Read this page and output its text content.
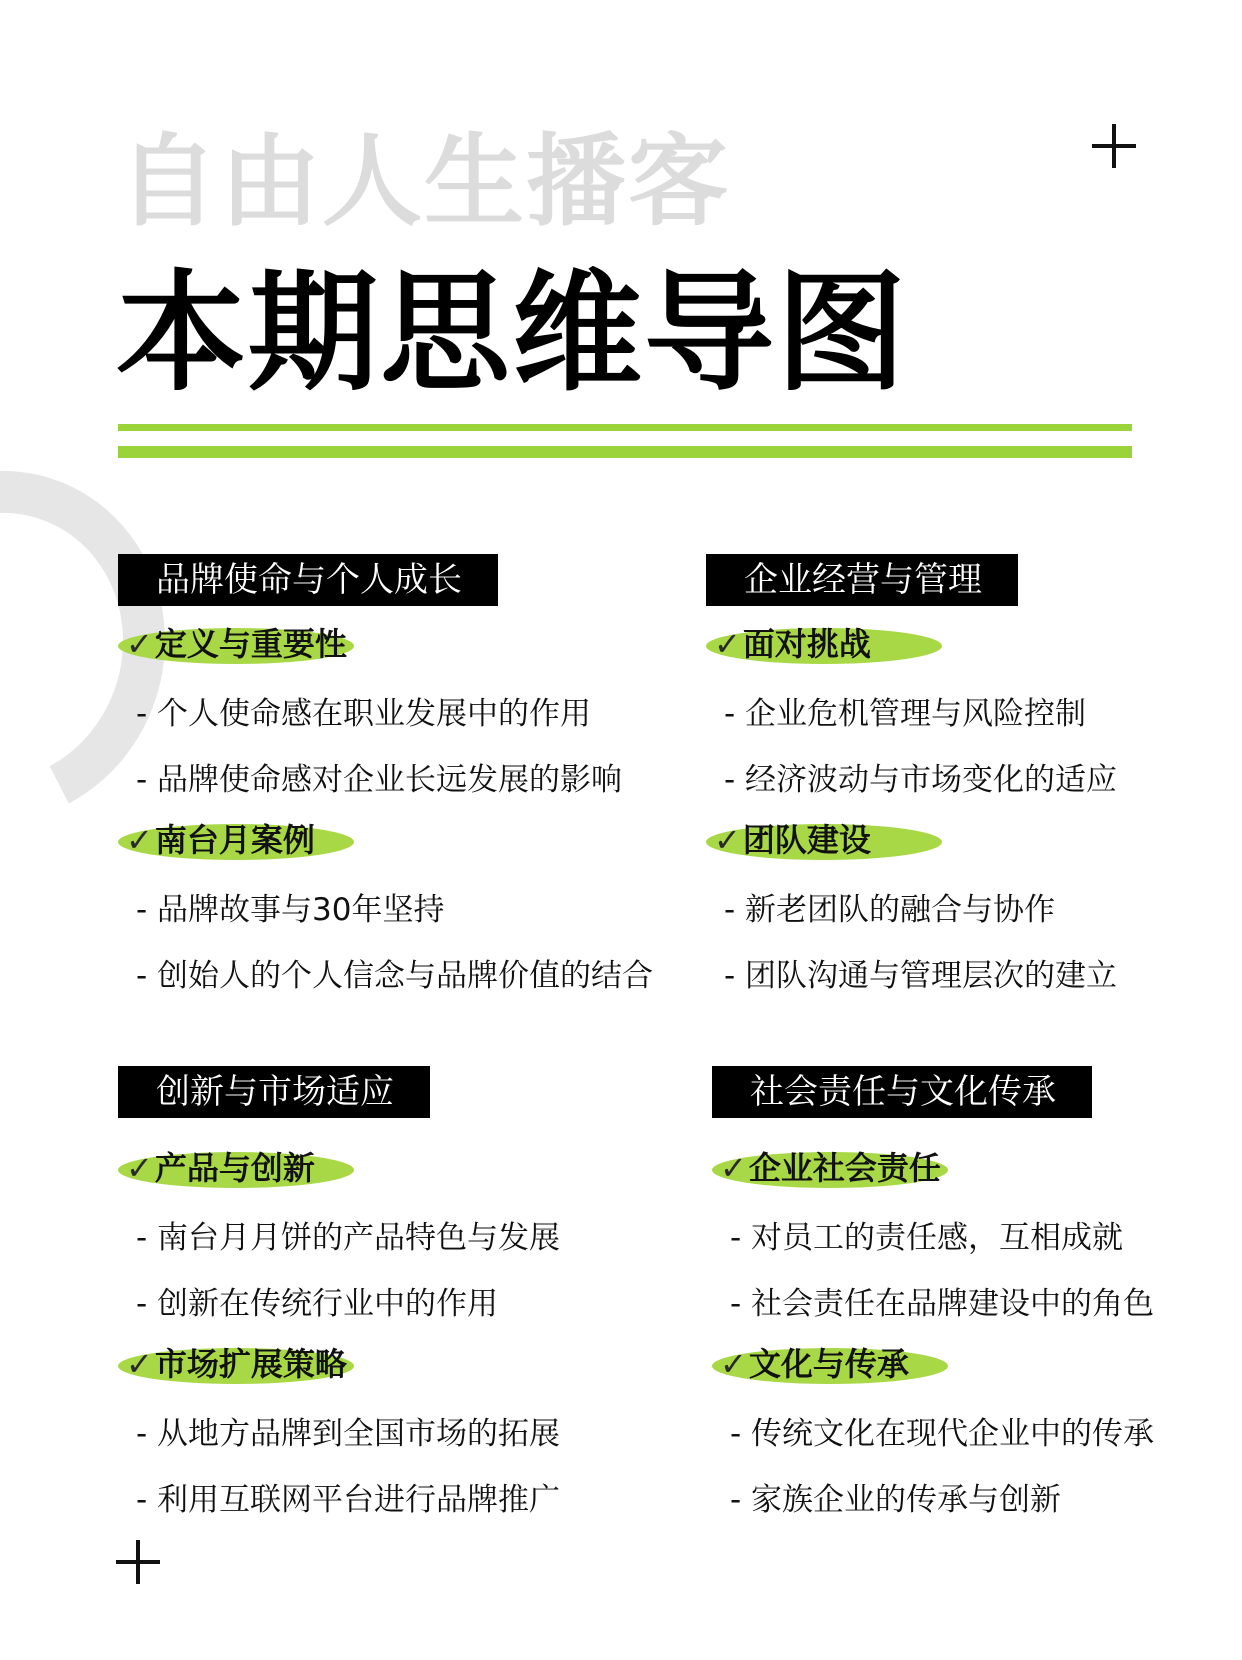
自由人生播客
本期思维导图
品牌使命与个人成长
✓定义与重要性
- 个人使命感在职业发展中的作用
- 品牌使命感对企业长远发展的影响
✓南台月案例
- 品牌故事与30年坚持
- 创始人的个人信念与品牌价值的结合
企业经营与管理
✓面对挑战
- 企业危机管理与风险控制
- 经济波动与市场变化的适应
✓团队建设
- 新老团队的融合与协作
- 团队沟通与管理层次的建立
创新与市场适应
✓产品与创新
- 南台月月饼的产品特色与发展
- 创新在传统行业中的作用
✓市场扩展策略
- 从地方品牌到全国市场的拓展
- 利用互联网平台进行品牌推广
社会责任与文化传承
✓企业社会责任
- 对员工的责任感，互相成就
- 社会责任在品牌建设中的角色
✓文化与传承
- 传统文化在现代企业中的传承
- 家族企业的传承与创新
